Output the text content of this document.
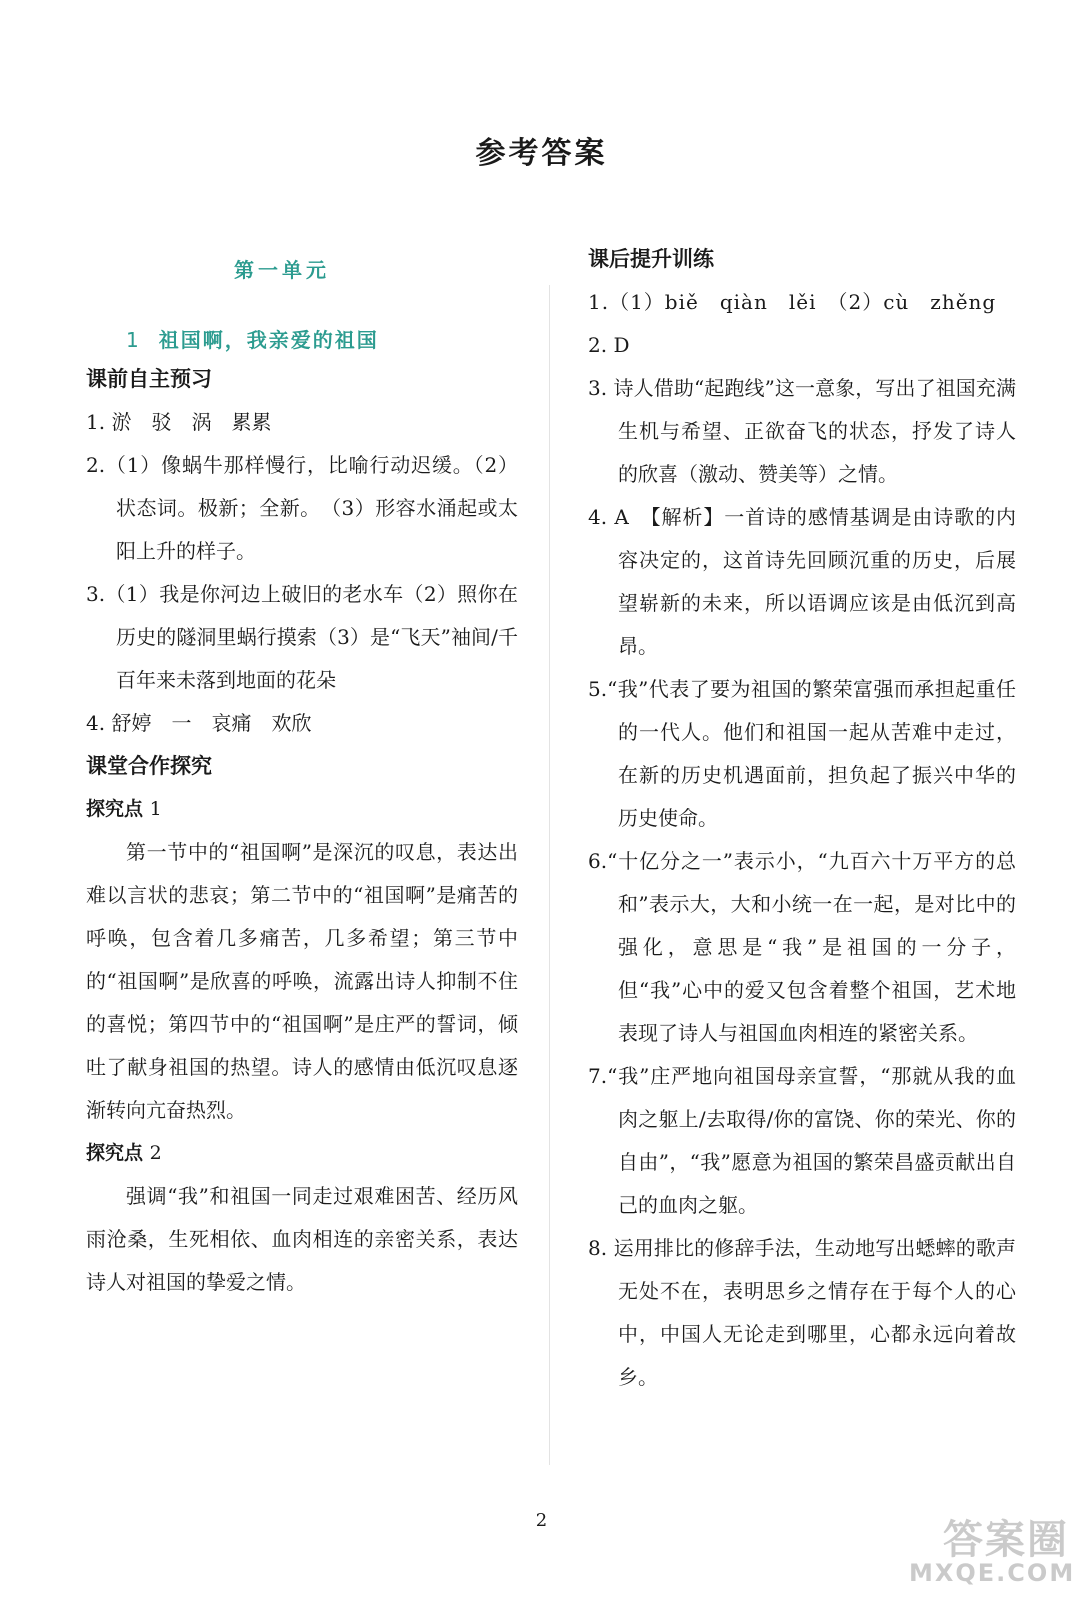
参考答案
第一单元
1 祖国啊，我亲爱的祖国
课前自主预习
1. 淤　驳　涡　累累
2.（1）像蜗牛那样慢行，比喻行动迟缓。（2）状态词。极新；全新。　（3）形容水涌起或太阳上升的样子。
3.（1）我是你河边上破旧的老水车（2）照你在历史的隧洞里蜗行摸索（3）是“飞天”袖间/千百年来未落到地面的花朵
4. 舒婷　一　哀痛　欢欣
课堂合作探究
探究点 1
第一节中的“祖国啊”是深沉的叹息，表达出难以言状的悲哀；第二节中的“祖国啊”是痛苦的呼唤，包含着几多痛苦，几多希望；第三节中的“祖国啊”是欣喜的呼唤，流露出诗人抑制不住的喜悦；第四节中的“祖国啊”是庄严的誓词，倾吐了献身祖国的热望。诗人的感情由低沉叹息逐渐转向亢奋热烈。
探究点 2
强调“我”和祖国一同走过艰难困苦、经历风雨沧桑，生死相依、血肉相连的亲密关系，表达诗人对祖国的挚爱之情。
课后提升训练
1.（1）biě　qiàn　lěi　（2）cù　zhěng
2. D
3. 诗人借助“起跑线”这一意象，写出了祖国充满生机与希望、正欲奋飞的状态，抒发了诗人的欣喜（激动、赞美等）之情。
4. A　【解析】一首诗的感情基调是由诗歌的内容决定的，这首诗先回顾沉重的历史，后展望崭新的未来，所以语调应该是由低沉到高昂。
5.“我”代表了要为祖国的繁荣富强而承担起重任的一代人。他们和祖国一起从苦难中走过，在新的历史机遇面前，担负起了振兴中华的历史使命。
6.“十亿分之一”表示小，“九百六十万平方的总和”表示大，大和小统一在一起，是对比中的强化，意思是“我”是祖国的一分子，但“我”心中的爱又包含着整个祖国，艺术地表现了诗人与祖国血肉相连的紧密关系。
7.“我”庄严地向祖国母亲宣誓，“那就从我的血肉之躯上/去取得/你的富饶、你的荣光、你的自由”，“我”愿意为祖国的繁荣昌盛贡献出自己的血肉之躯。
8. 运用排比的修辞手法，生动地写出蟋蟀的歌声无处不在，表明思乡之情存在于每个人的心中，中国人无论走到哪里，心都永远向着故乡。
2	答案圈
MXQE.COM
